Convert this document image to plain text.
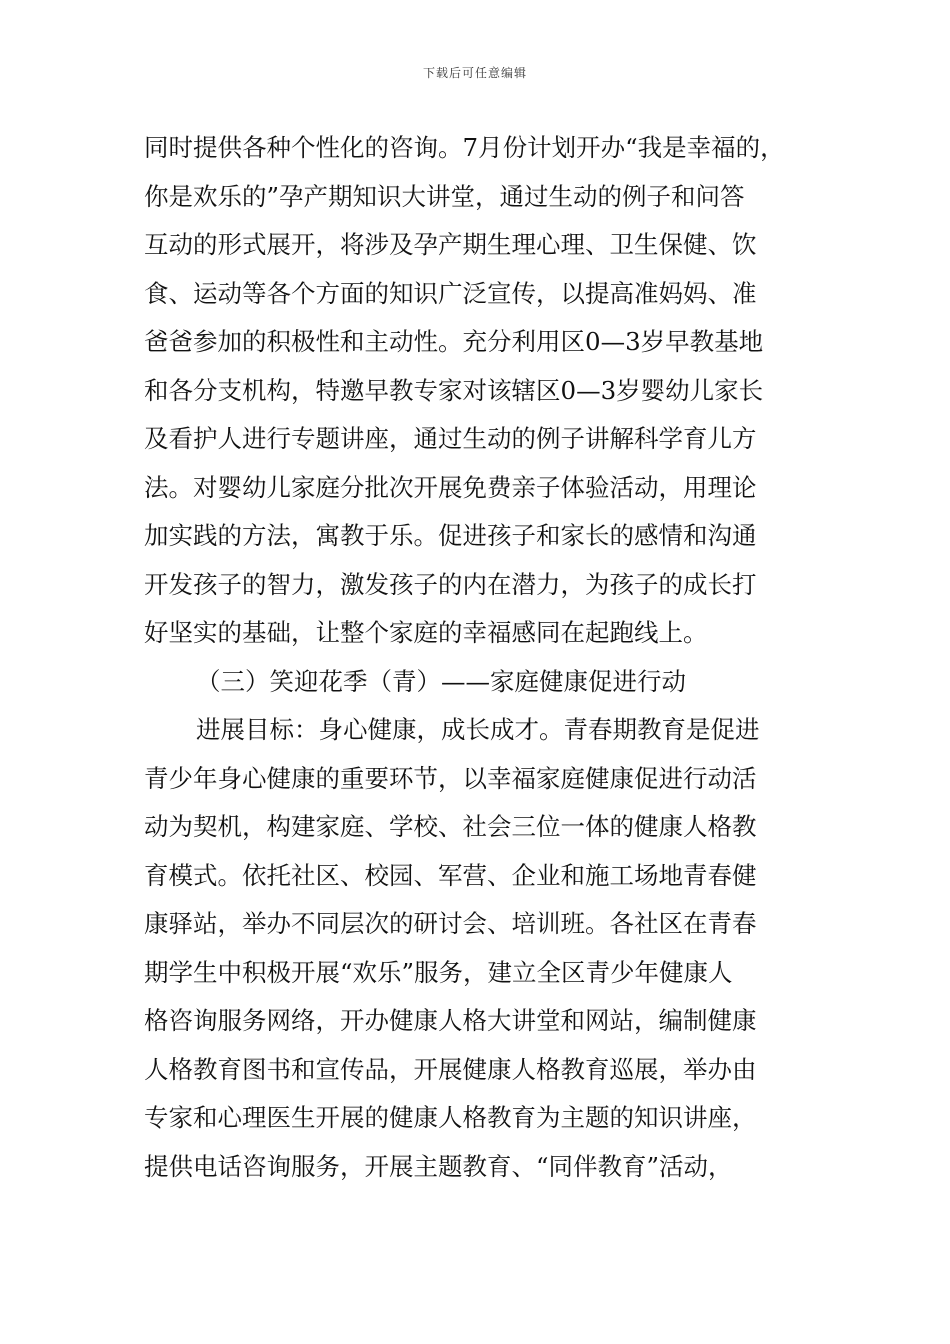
下载后可任意编辑
同时提供各种个性化的咨询。7月份计划开办“我是幸福的，
你是欢乐的”孕产期知识大讲堂，通过生动的例子和问答
互动的形式展开，将涉及孕产期生理心理、卫生保健、饮
食、运动等各个方面的知识广泛宣传，以提高准妈妈、准
爸爸参加的积极性和主动性。充分利用区0—3岁早教基地
和各分支机构，特邀早教专家对该辖区0—3岁婴幼儿家长
及看护人进行专题讲座，通过生动的例子讲解科学育儿方
法。对婴幼儿家庭分批次开展免费亲子体验活动，用理论
加实践的方法，寓教于乐。促进孩子和家长的感情和沟通
开发孩子的智力，激发孩子的内在潜力，为孩子的成长打
好坚实的基础，让整个家庭的幸福感同在起跑线上。
（三）笑迎花季（青）——家庭健康促进行动
进展目标：身心健康，成长成才。青春期教育是促进
青少年身心健康的重要环节，以幸福家庭健康促进行动活
动为契机，构建家庭、学校、社会三位一体的健康人格教
育模式。依托社区、校园、军营、企业和施工场地青春健
康驿站，举办不同层次的研讨会、培训班。各社区在青春
期学生中积极开展“欢乐”服务，建立全区青少年健康人
格咨询服务网络，开办健康人格大讲堂和网站，编制健康
人格教育图书和宣传品，开展健康人格教育巡展，举办由
专家和心理医生开展的健康人格教育为主题的知识讲座，
提供电话咨询服务，开展主题教育、“同伴教育”活动，
